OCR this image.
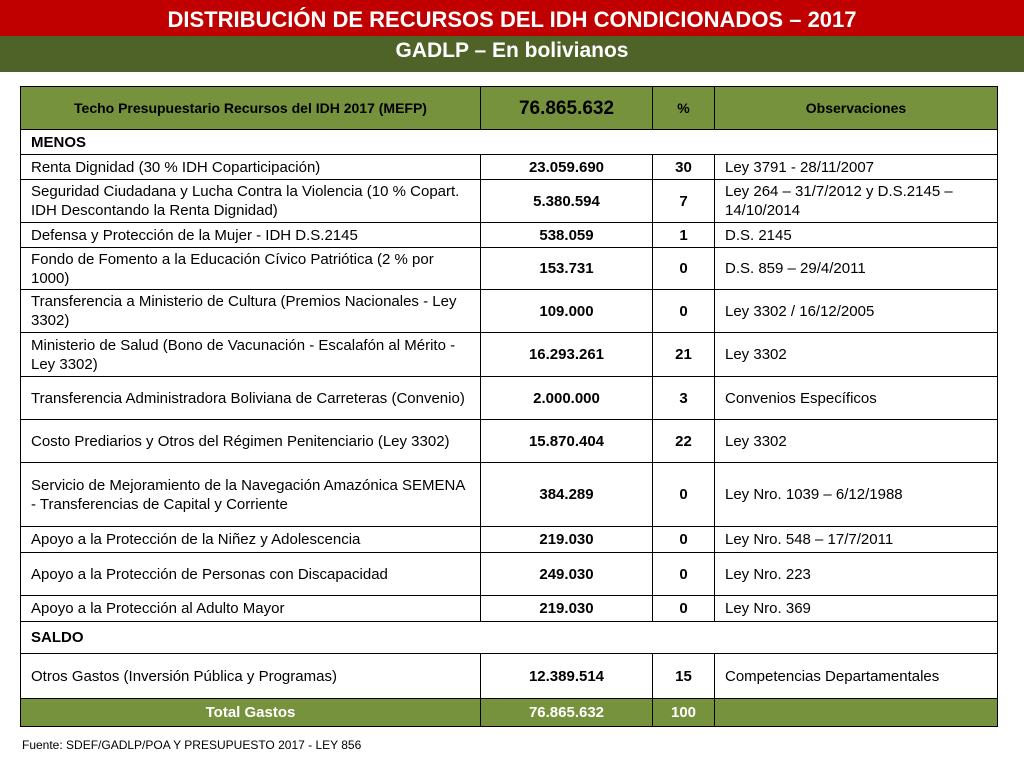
DISTRIBUCIÓN DE RECURSOS DEL IDH CONDICIONADOS – 2017
GADLP – En bolivianos
Techo Presupuestario Recursos del IDH 2017 (MEFP)	76.865.632	%	Observaciones
MENOS			
Renta Dignidad (30 % IDH Coparticipación)	23.059.690	30	Ley 3791 - 28/11/2007
Seguridad Ciudadana y Lucha Contra la Violencia (10 % Copart. IDH Descontando la Renta Dignidad)	5.380.594	7	Ley 264 – 31/7/2012 y D.S.2145 – 14/10/2014
Defensa y Protección de la Mujer - IDH D.S.2145	538.059	1	D.S. 2145
Fondo de Fomento a la Educación Cívico Patriótica (2 % por 1000)	153.731	0	D.S. 859 – 29/4/2011
Transferencia a Ministerio de Cultura (Premios Nacionales - Ley 3302)	109.000	0	Ley 3302 / 16/12/2005
Ministerio de Salud (Bono de Vacunación - Escalafón al Mérito - Ley 3302)	16.293.261	21	Ley 3302
Transferencia Administradora Boliviana de Carreteras (Convenio)	2.000.000	3	Convenios Específicos
Costo Prediarios y Otros del Régimen Penitenciario (Ley 3302)	15.870.404	22	Ley 3302
Servicio de Mejoramiento de la Navegación Amazónica SEMENA - Transferencias de Capital y Corriente	384.289	0	Ley Nro. 1039 – 6/12/1988
Apoyo a la Protección de la Niñez y Adolescencia	219.030	0	Ley Nro. 548 – 17/7/2011
Apoyo a la Protección de Personas con Discapacidad	249.030	0	Ley Nro. 223
Apoyo a la Protección al Adulto Mayor	219.030	0	Ley Nro. 369
SALDO			
Otros Gastos (Inversión Pública y Programas)	12.389.514	15	Competencias Departamentales
Total Gastos	76.865.632	100	
Fuente: SDEF/GADLP/POA Y PRESUPUESTO 2017 - LEY 856
